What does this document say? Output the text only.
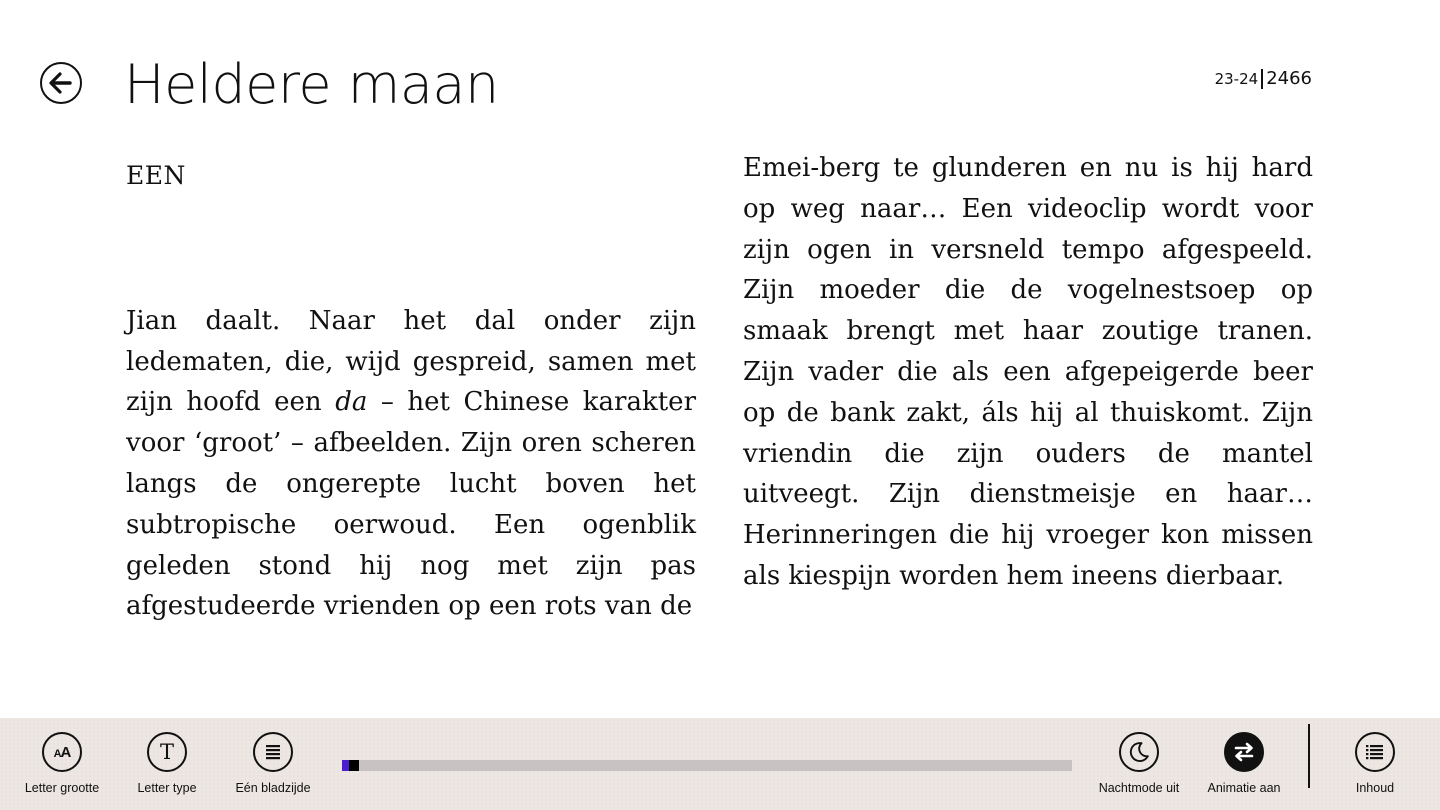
Heldere maan	23-24 2466
EEN

Jian daalt. Naar het dal onder zijn ledematen, die, wijd gespreid, samen met zijn hoofd een da – het Chinese karakter voor ‘groot’ – afbeelden. Zijn oren scheren langs de ongerepte lucht boven het subtropische oerwoud. Een ogenblik geleden stond hij nog met zijn pas afgestudeerde vrienden op een rots van de

Emei-berg te glunderen en nu is hij hard op weg naar… Een videoclip wordt voor zijn ogen in versneld tempo afgespeeld. Zijn moeder die de vogelnestsoep op smaak brengt met haar zoutige tranen. Zijn vader die als een afgepeigerde beer op de bank zakt, áls hij al thuiskomt. Zijn vriendin die zijn ouders de mantel uitveegt. Zijn dienstmeisje en haar… Herinneringen die hij vroeger kon missen als kiespijn worden hem ineens dierbaar.

AA
Letter grootte
T
Letter type	Eén bladzijde	Nachtmode uit Animatie aan	Inhoud
